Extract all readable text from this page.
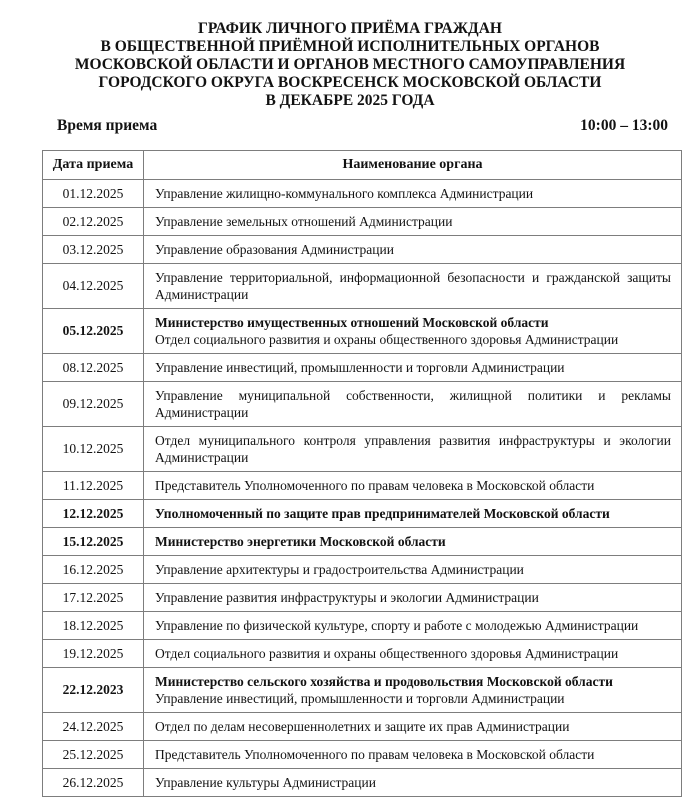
ГРАФИК ЛИЧНОГО ПРИЁМА ГРАЖДАН
В ОБЩЕСТВЕННОЙ ПРИЁМНОЙ ИСПОЛНИТЕЛЬНЫХ ОРГАНОВ
МОСКОВСКОЙ ОБЛАСТИ И ОРГАНОВ МЕСТНОГО САМОУПРАВЛЕНИЯ
ГОРОДСКОГО ОКРУГА ВОСКРЕСЕНСК МОСКОВСКОЙ ОБЛАСТИ
В ДЕКАБРЕ 2025 ГОДА
Время приема	10:00 – 13:00
Дата приема	Наименование органа
01.12.2025	Управление жилищно-коммунального комплекса Администрации

02.12.2025	Управление земельных отношений Администрации

03.12.2025	Управление образования Администрации

04.12.2025	Управление территориальной, информационной безопасности и гражданской защиты Администрации

05.12.2025	Министерство имущественных отношений Московской области
Отдел социального развития и охраны общественного здоровья Администрации

08.12.2025	Управление инвестиций, промышленности и торговли Администрации

09.12.2025	Управление муниципальной собственности, жилищной политики и рекламы Администрации

10.12.2025	Отдел муниципального контроля управления развития инфраструктуры и экологии Администрации

11.12.2025	Представитель Уполномоченного по правам человека в Московской области

12.12.2025	Уполномоченный по защите прав предпринимателей Московской области

15.12.2025	Министерство энергетики Московской области

16.12.2025	Управление архитектуры и градостроительства Администрации

17.12.2025	Управление развития инфраструктуры и экологии Администрации

18.12.2025	Управление по физической культуре, спорту и работе с молодежью Администрации

19.12.2025	Отдел социального развития и охраны общественного здоровья Администрации

22.12.2023	Министерство сельского хозяйства и продовольствия Московской области
Управление инвестиций, промышленности и торговли Администрации

24.12.2025	Отдел по делам несовершеннолетних и защите их прав Администрации

25.12.2025	Представитель Уполномоченного по правам человека в Московской области

26.12.2025	Управление культуры Администрации
